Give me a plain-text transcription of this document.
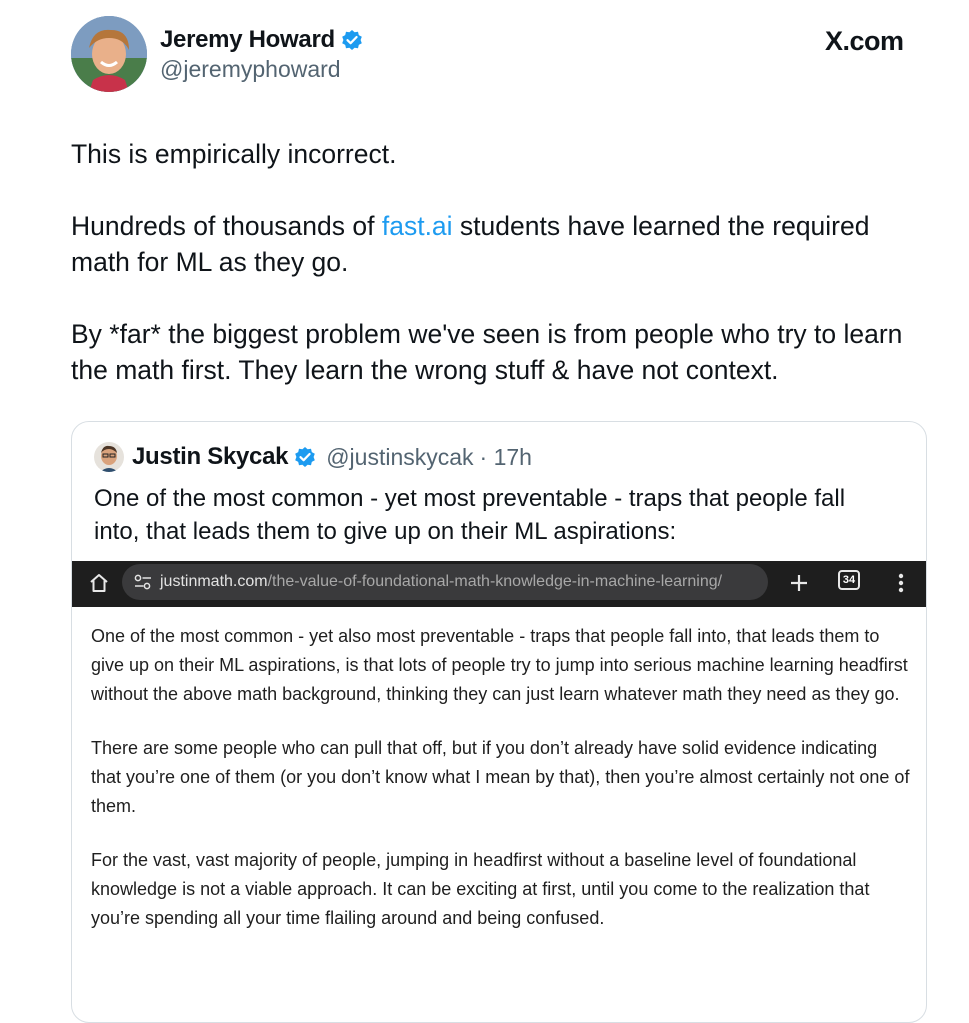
Jeremy Howard
@jeremyphoward
X.com

This is empirically incorrect.

Hundreds of thousands of fast.ai students have learned the required math for ML as they go.

By *far* the biggest problem we've seen is from people who try to learn the math first. They learn the wrong stuff & have not context.

Justin Skycak @justinskycak · 17h
One of the most common - yet most preventable - traps that people fall into, that leads them to give up on their ML aspirations:
justinmath.com/the-value-of-foundational-math-knowledge-in-machine-learning/	34

One of the most common - yet also most preventable - traps that people fall into, that leads them to give up on their ML aspirations, is that lots of people try to jump into serious machine learning headfirst without the above math background, thinking they can just learn whatever math they need as they go.

There are some people who can pull that off, but if you don’t already have solid evidence indicating that you’re one of them (or you don’t know what I mean by that), then you’re almost certainly not one of them.

For the vast, vast majority of people, jumping in headfirst without a baseline level of foundational knowledge is not a viable approach. It can be exciting at first, until you come to the realization that you’re spending all your time flailing around and being confused.
